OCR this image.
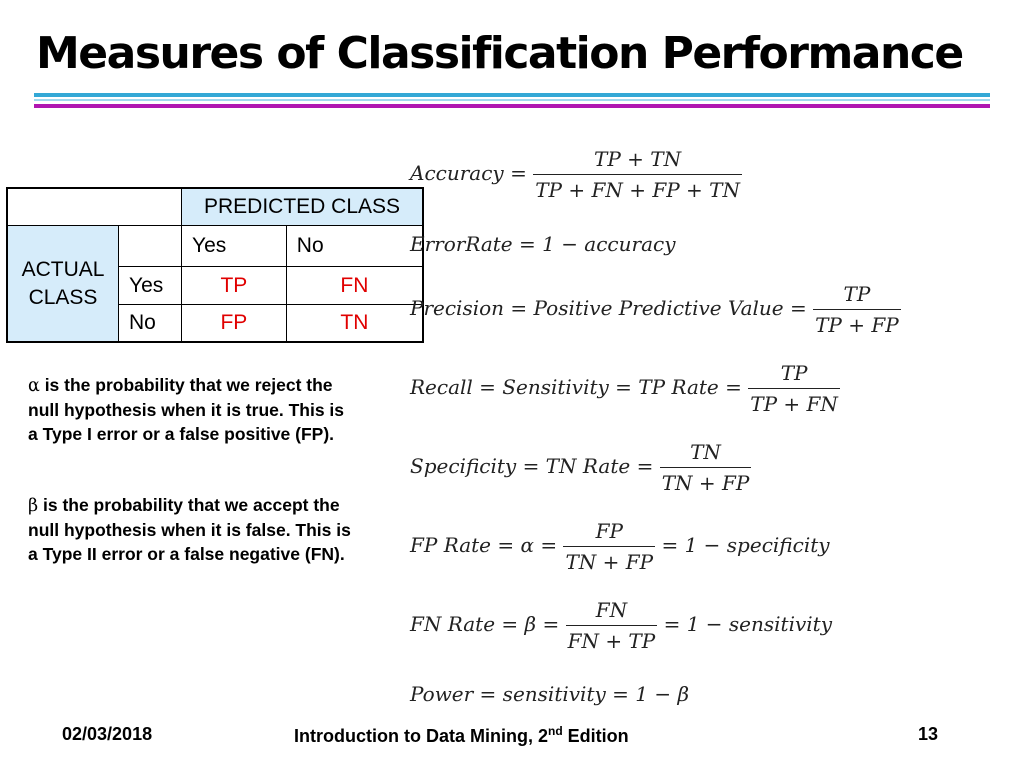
Measures of Classification Performance
		PREDICTED CLASS	
ACTUAL CLASS		Yes	No
	Yes	TP	FN
	No	FP	TN
α is the probability that we reject the null hypothesis when it is true. This is a Type I error or a false positive (FP).
β is the probability that we accept the null hypothesis when it is false. This is a Type II error or a false negative (FN).
Accuracy = $\frac{TP + TN}{TP + FN + FP + TN}$
ErrorRate = 1 − accuracy
Precision = Positive Predictive Value = $\frac{TP}{TP + FP}$
Recall = Sensitivity = TP Rate = $\frac{TP}{TP + FN}$
Specificity = TN Rate = $\frac{TN}{TN + FP}$
FP Rate = $\alpha = \frac{FP}{TN + FP} = 1$ − specificity
FN Rate = $\beta = \frac{FN}{FN + TP} = 1$ − sensitivity
Power = sensitivity = 1 − β
02/03/2018	Introduction to Data Mining, 2nd Edition	13
